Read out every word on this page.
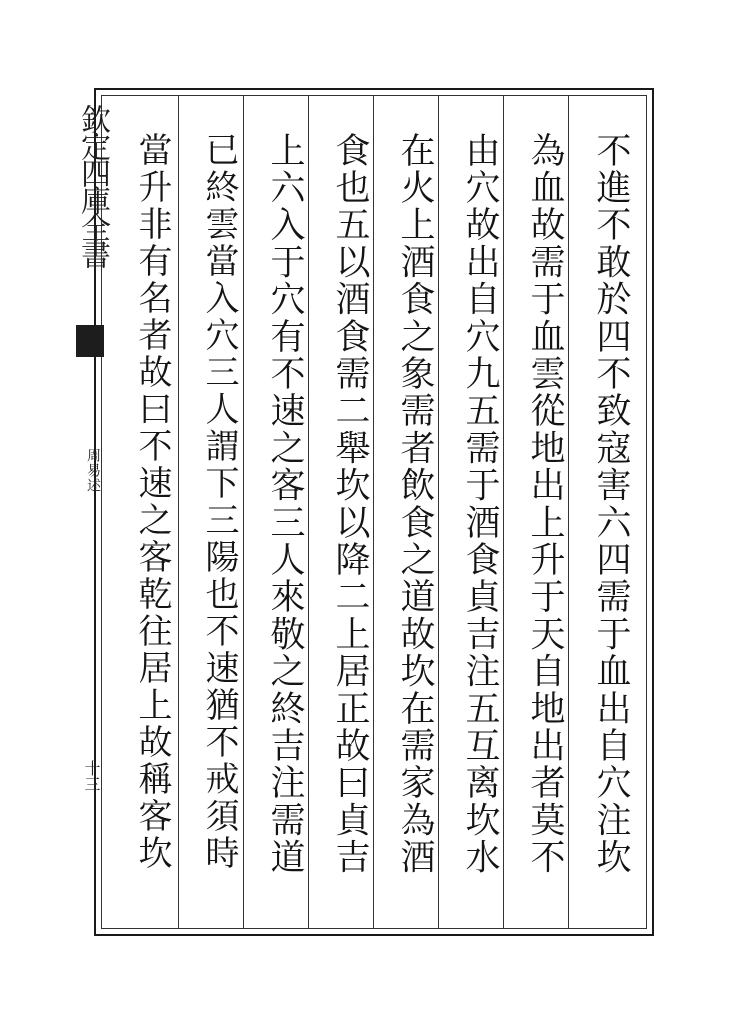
欽定四庫全書
周易述
十三	不進不敢於四不致寇害六四需于血出自穴注坎
為血故需于血雲從地出上升于天自地出者莫不
由穴故出自穴九五需于酒食貞吉注五互离坎水
在火上酒食之象需者飲食之道故坎在需家為酒
食也五以酒食需二舉坎以降二上居正故曰貞吉
上六入于穴有不速之客三人來敬之終吉注需道
已終雲當入穴三人謂下三陽也不速猶不戒須時
當升非有名者故曰不速之客乾往居上故稱客坎
